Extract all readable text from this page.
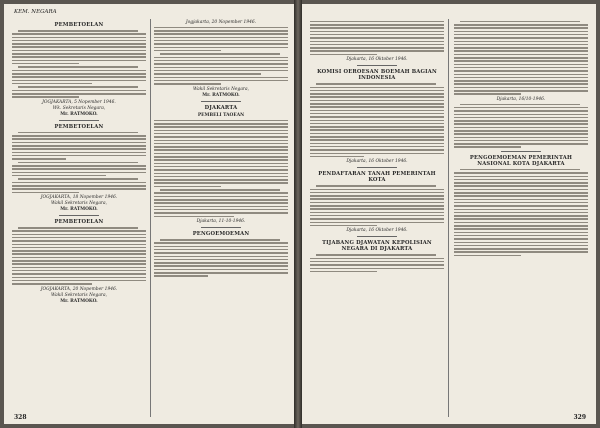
KEM. NEGARA
PEMBETOELAN
JOGJAKARTA, 5 Nopember 1946.
Wk. Sekretaris Negara,
Mr. RATMOKO.
PEMBETOELAN
JOGJAKARTA, 18 Nopember 1946.
Wakil Sekretaris Negara,
Mr. RATMOKO.
PEMBETOELAN
JOGJAKARTA, 20 Nopember 1946.
Wakil Sekretaris Negara,
Mr. RATMOKO.
Jogjakarta, 20 Nopember 1946.
Wakil Sekretaris Negara,
Mr. RATMOKO.
DJAKARTA
PEMBELI TAOEAN
Djakarta, 11-10-1946.
PENGOEMOEMAN
328
Djakarta, 16 Oktober 1946.
KOMISI OEROESAN BOEMAH BAGIAN INDONESIA
Djakarta, 16 Oktober 1946.
PENDAFTARAN TANAH PEMERINTAH KOTA
Djakarta, 16 Oktober 1946.
TIJABANG DJAWATAN KEPOLISIAN NEGARA DI DJAKARTA
Djakarta, 16/10-1946.
PENGOEMOEMAN PEMERINTAH NASIONAL KOTA DJAKARTA
329
